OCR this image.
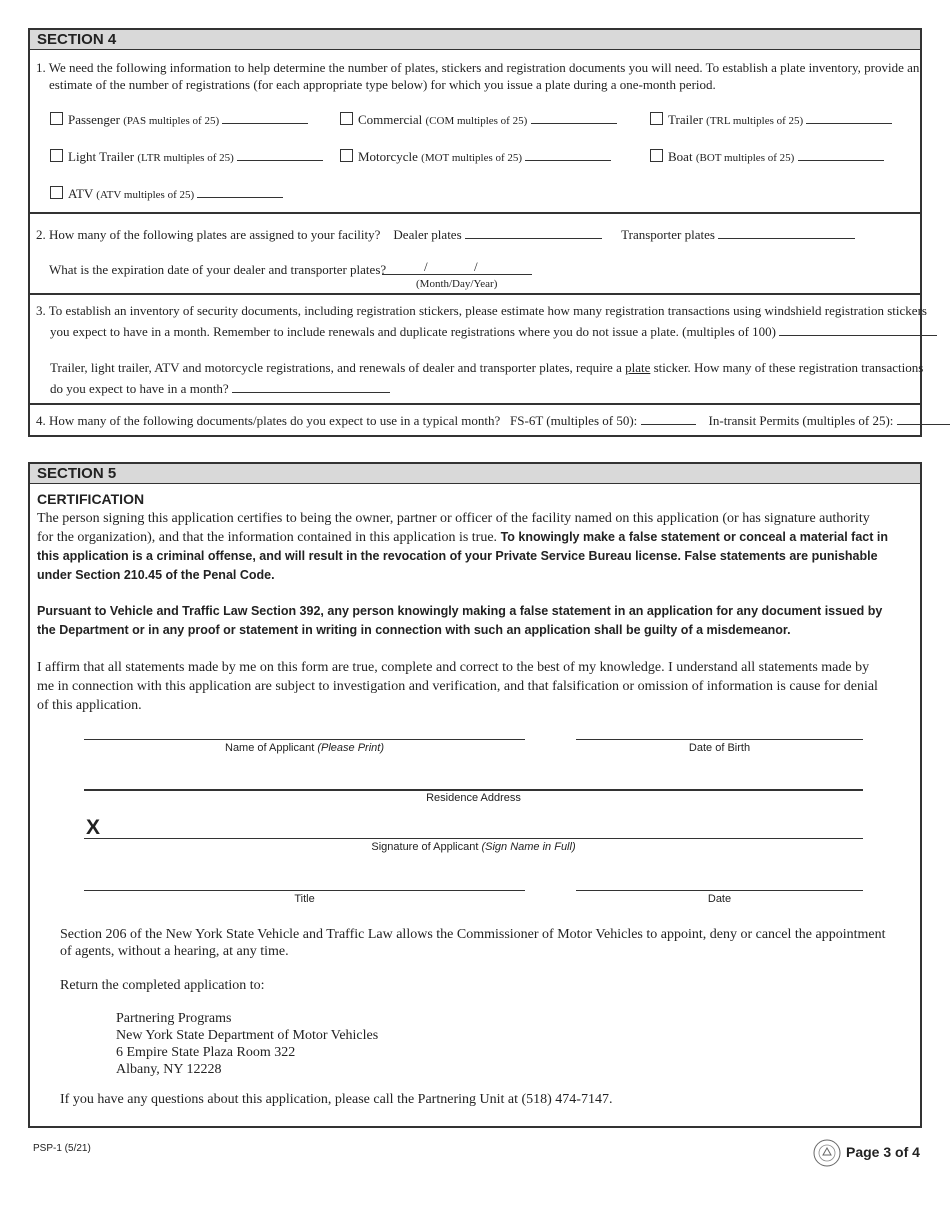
SECTION 4
1. We need the following information to help determine the number of plates, stickers and registration documents you will need. To establish a plate inventory, provide an
estimate of the number of registrations (for each appropriate type below) for which you issue a plate during a one-month period.
Passenger (PAS multiples of 25)	Commercial (COM multiples of 25)	Trailer (TRL multiples of 25)
Light Trailer (LTR multiples of 25)	Motorcycle (MOT multiples of 25)	Boat (BOT multiples of 25)
ATV (ATV multiples of 25)
2. How many of the following plates are assigned to your facility? Dealer plates	Transporter plates
What is the expiration date of your dealer and transporter plates?	/	/
(Month/Day/Year)
3. To establish an inventory of security documents, including registration stickers, please estimate how many registration transactions using windshield registration stickers
you expect to have in a month. Remember to include renewals and duplicate registrations where you do not issue a plate. (multiples of 100)
Trailer, light trailer, ATV and motorcycle registrations, and renewals of dealer and transporter plates, require a plate sticker. How many of these registration transactions
do you expect to have in a month?
4. How many of the following documents/plates do you expect to use in a typical month? FS-6T (multiples of 50):	In-transit Permits (multiples of 25):
SECTION 5
CERTIFICATION
The person signing this application certifies to being the owner, partner or officer of the facility named on this application (or has signature authority
for the organization), and that the information contained in this application is true. To knowingly make a false statement or conceal a material fact in
this application is a criminal offense, and will result in the revocation of your Private Service Bureau license. False statements are punishable
under Section 210.45 of the Penal Code.
Pursuant to Vehicle and Traffic Law Section 392, any person knowingly making a false statement in an application for any document issued by
the Department or in any proof or statement in writing in connection with such an application shall be guilty of a misdemeanor.
I affirm that all statements made by me on this form are true, complete and correct to the best of my knowledge. I understand all statements made by
me in connection with this application are subject to investigation and verification, and that falsification or omission of information is cause for denial
of this application.
Name of Applicant (Please Print)	Date of Birth
Residence Address
X
Signature of Applicant (Sign Name in Full)
Title	Date
Section 206 of the New York State Vehicle and Traffic Law allows the Commissioner of Motor Vehicles to appoint, deny or cancel the appointment
of agents, without a hearing, at any time.
Return the completed application to:
Partnering Programs
New York State Department of Motor Vehicles
6 Empire State Plaza Room 322
Albany, NY 12228
If you have any questions about this application, please call the Partnering Unit at (518) 474-7147.
PSP-1 (5/21)	Page 3 of 4
